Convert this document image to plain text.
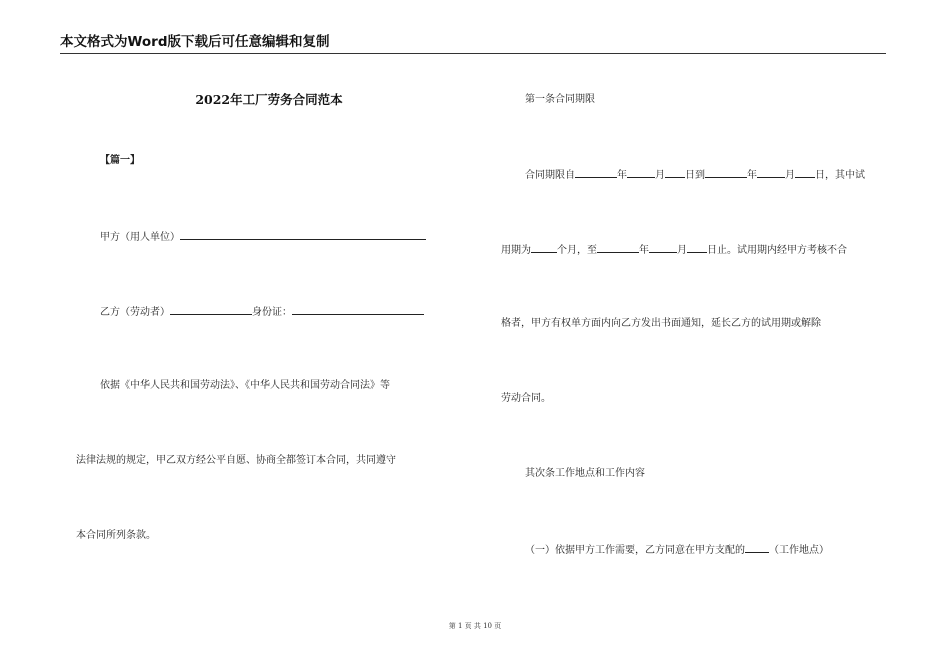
本文格式为Word版下载后可任意编辑和复制
2022年工厂劳务合同范本
【篇一】
甲方（用人单位）
乙方（劳动者）	身份证：
依据《中华人民共和国劳动法》、《中华人民共和国劳动合同法》等
法律法规的规定，甲乙双方经公平自愿、协商全都签订本合同，共同遵守
本合同所列条款。
第一条合同期限
合同期限自	年	月 日到	年	月 日，其中试
用期为	个月，至	年	月 日止。试用期内经甲方考核不合
格者，甲方有权单方面内向乙方发出书面通知，延长乙方的试用期或解除
劳动合同。
其次条工作地点和工作内容
（一）依据甲方工作需要，乙方同意在甲方支配的 （工作地点）
第 1 页 共 10 页
